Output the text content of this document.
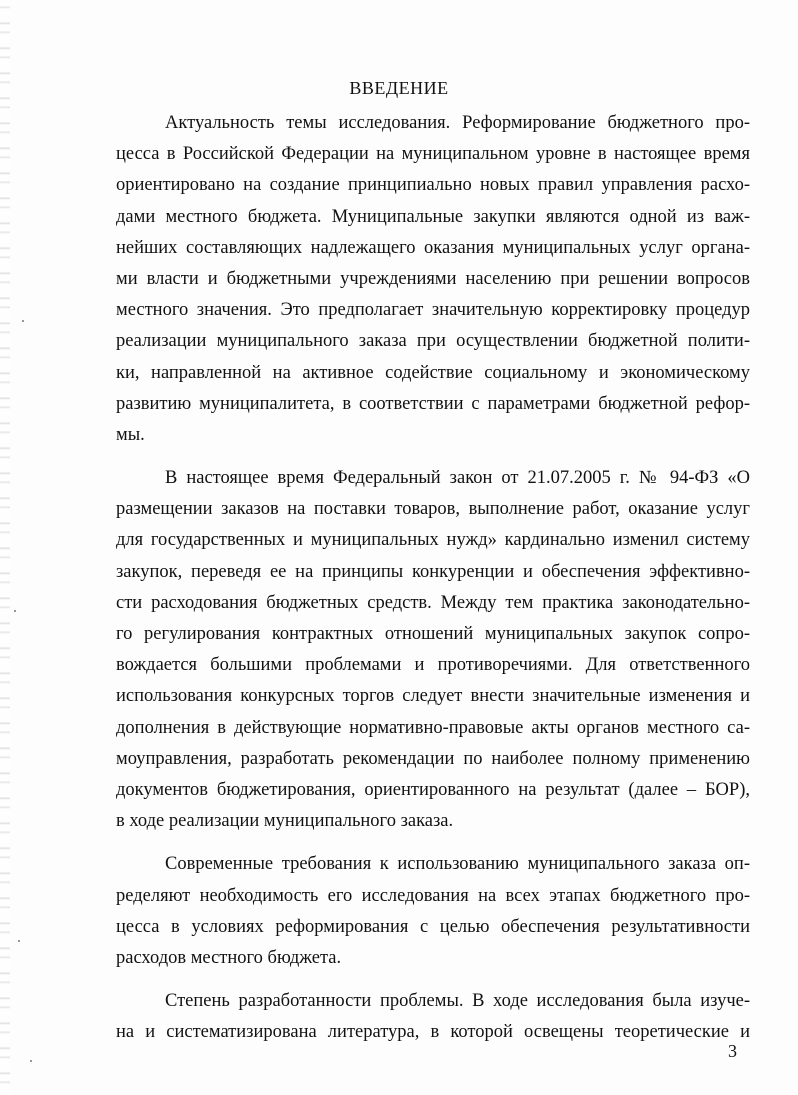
ВВЕДЕНИЕ
Актуальность темы исследования. Реформирование бюджетного про-
цесса в Российской Федерации на муниципальном уровне в настоящее время
ориентировано на создание принципиально новых правил управления расхо-
дами местного бюджета. Муниципальные закупки являются одной из важ-
нейших составляющих надлежащего оказания муниципальных услуг органа-
ми власти и бюджетными учреждениями населению при решении вопросов
местного значения. Это предполагает значительную корректировку процедур
реализации муниципального заказа при осуществлении бюджетной полити-
ки, направленной на активное содействие социальному и экономическому
развитию муниципалитета, в соответствии с параметрами бюджетной рефор-
мы.
В настоящее время Федеральный закон от 21.07.2005 г. № 94-ФЗ «О
размещении заказов на поставки товаров, выполнение работ, оказание услуг
для государственных и муниципальных нужд» кардинально изменил систему
закупок, переведя ее на принципы конкуренции и обеспечения эффективно-
сти расходования бюджетных средств. Между тем практика законодательно-
го регулирования контрактных отношений муниципальных закупок сопро-
вождается большими проблемами и противоречиями. Для ответственного
использования конкурсных торгов следует внести значительные изменения и
дополнения в действующие нормативно-правовые акты органов местного са-
моуправления, разработать рекомендации по наиболее полному применению
документов бюджетирования, ориентированного на результат (далее – БОР),
в ходе реализации муниципального заказа.
Современные требования к использованию муниципального заказа оп-
ределяют необходимость его исследования на всех этапах бюджетного про-
цесса в условиях реформирования с целью обеспечения результативности
расходов местного бюджета.
Степень разработанности проблемы. В ходе исследования была изуче-
на и систематизирована литература, в которой освещены теоретические и
3
